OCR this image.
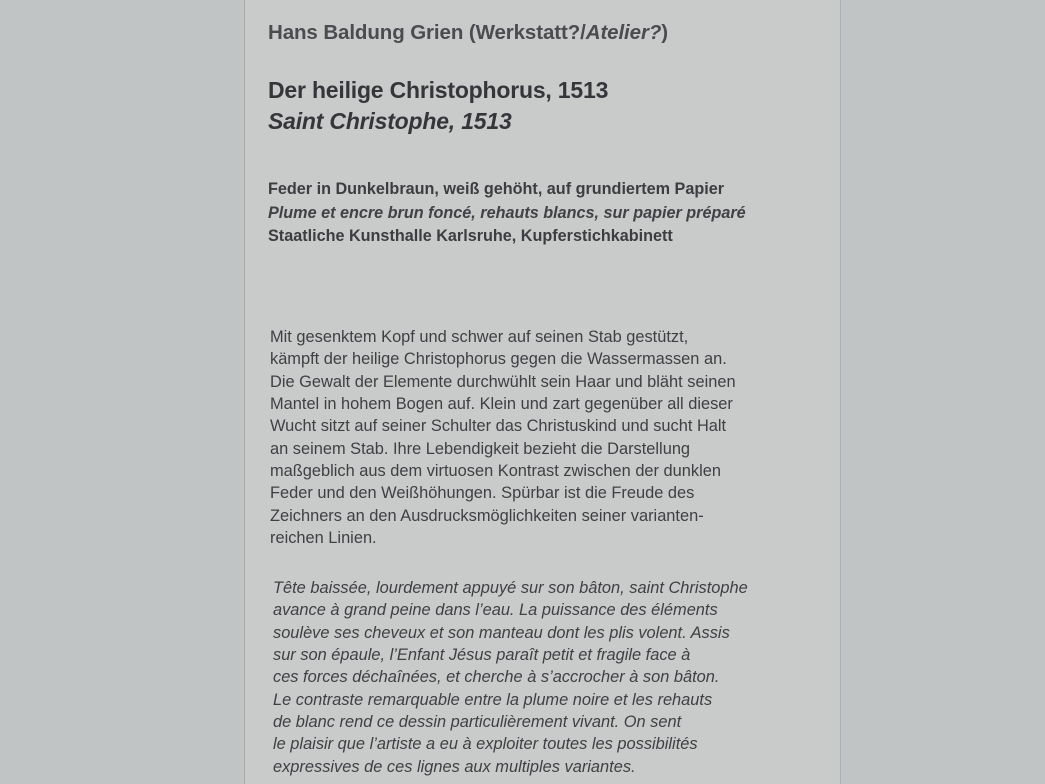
Hans Baldung Grien (Werkstatt?/Atelier?)
Der heilige Christophorus, 1513
Saint Christophe, 1513
Feder in Dunkelbraun, weiß gehöht, auf grundiertem Papier
Plume et encre brun foncé, rehauts blancs, sur papier préparé
Staatliche Kunsthalle Karlsruhe, Kupferstichkabinett
Mit gesenktem Kopf und schwer auf seinen Stab gestützt,
kämpft der heilige Christophorus gegen die Wassermassen an.
Die Gewalt der Elemente durchwühlt sein Haar und bläht seinen
Mantel in hohem Bogen auf. Klein und zart gegenüber all dieser
Wucht sitzt auf seiner Schulter das Christuskind und sucht Halt
an seinem Stab. Ihre Lebendigkeit bezieht die Darstellung
maßgeblich aus dem virtuosen Kontrast zwischen der dunklen
Feder und den Weißhöhungen. Spürbar ist die Freude des
Zeichners an den Ausdrucksmöglichkeiten seiner varianten-
reichen Linien.
Tête baissée, lourdement appuyé sur son bâton, saint Christophe
avance à grand peine dans l’eau. La puissance des éléments
soulève ses cheveux et son manteau dont les plis volent. Assis
sur son épaule, l’Enfant Jésus paraît petit et fragile face à
ces forces déchaînées, et cherche à s’accrocher à son bâton.
Le contraste remarquable entre la plume noire et les rehauts
de blanc rend ce dessin particulièrement vivant. On sent
le plaisir que l’artiste a eu à exploiter toutes les possibilités
expressives de ces lignes aux multiples variantes.
